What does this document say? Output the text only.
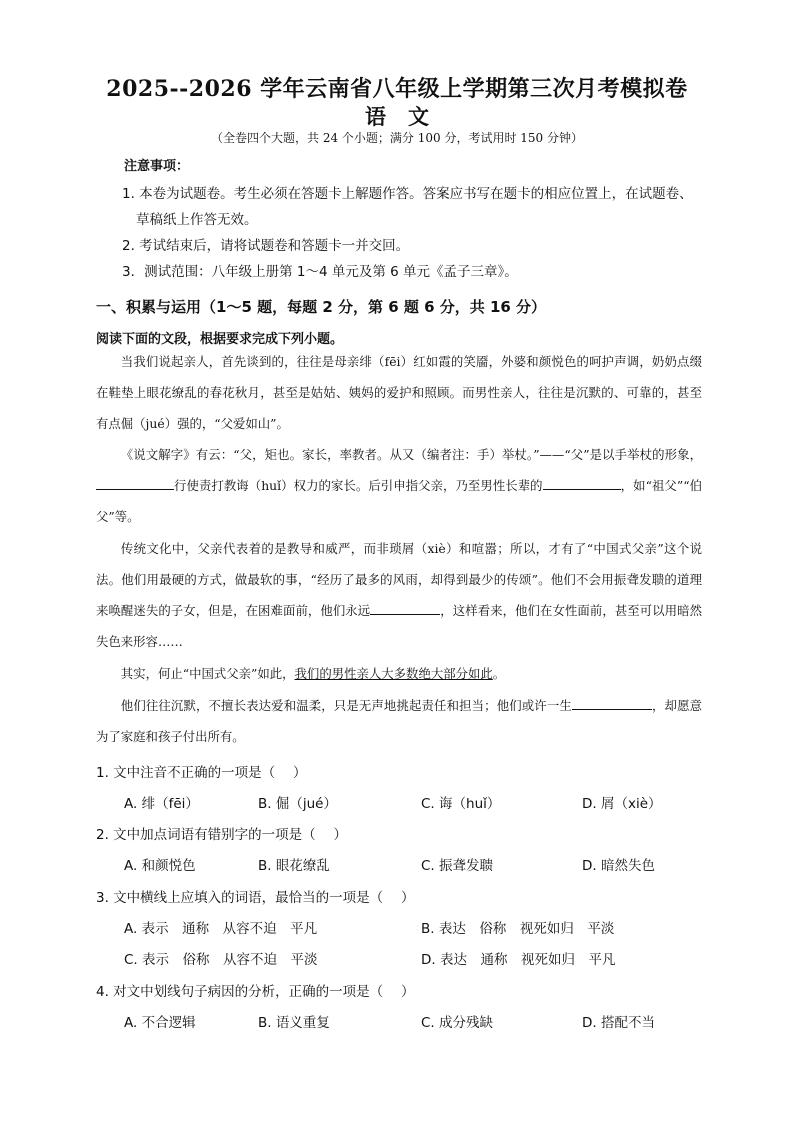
2025--2026 学年云南省八年级上学期第三次月考模拟卷
语文
（全卷四个大题，共 24 个小题；满分 100 分，考试用时 150 分钟）
注意事项：
1. 本卷为试题卷。考生必须在答题卡上解题作答。答案应书写在题卡的相应位置上，在试题卷、
草稿纸上作答无效。
2. 考试结束后，请将试题卷和答题卡一并交回。
3．测试范围：八年级上册第 1～4 单元及第 6 单元《孟子三章》。
一、积累与运用（1～5 题，每题 2 分，第 6 题 6 分，共 16 分）
阅读下面的文段，根据要求完成下列小题。
当我们说起亲人，首先谈到的，往往是母亲绯（fēi）红如霞的笑靥，外婆和颜悦色的呵护声调，奶奶点缀在鞋垫上眼花缭乱的春花秋月，甚至是姑姑、姨妈的爱护和照顾。而男性亲人，往往是沉默的、可靠的，甚至有点倔（jué）强的，“父爱如山”。
《说文解字》有云：“父，矩也。家长，率教者。从又（编者注：手）举杖。”——“父”是以手举杖的形象，行使责打教诲（huǐ）权力的家长。后引申指父亲，乃至男性长辈的	，如“祖父”“伯父”等。
传统文化中，父亲代表着的是教导和威严，而非琐屑（xiè）和喧嚣；所以，才有了“中国式父亲”这个说法。他们用最硬的方式，做最软的事，“经历了最多的风雨，却得到最少的传颂”。他们不会用振聋发聩的道理来唤醒迷失的子女，但是，在困难面前，他们永远	，这样看来，他们在女性面前，甚至可以用暗然失色来形容……
其实，何止“中国式父亲”如此，我们的男性亲人大多数绝大部分如此。
他们往往沉默，不擅长表达爱和温柔，只是无声地挑起责任和担当；他们或许一生	，却愿意为了家庭和孩子付出所有。
1. 文中注音不正确的一项是（　 ）
A. 绯（fēi）	B. 倔（jué）	C. 诲（huǐ）	D. 屑（xiè）
2. 文中加点词语有错别字的一项是（　 ）
A. 和颜悦色	B. 眼花缭乱	C. 振聋发聩	D. 暗然失色
3. 文中横线上应填入的词语，最恰当的一项是（　 ）
A. 表示　通称　从容不迫　平凡	B. 表达　俗称　视死如归　平淡
C. 表示　俗称　从容不迫　平淡	D. 表达　通称　视死如归　平凡
4. 对文中划线句子病因的分析，正确的一项是（　 ）
A. 不合逻辑	B. 语义重复	C. 成分残缺	D. 搭配不当
